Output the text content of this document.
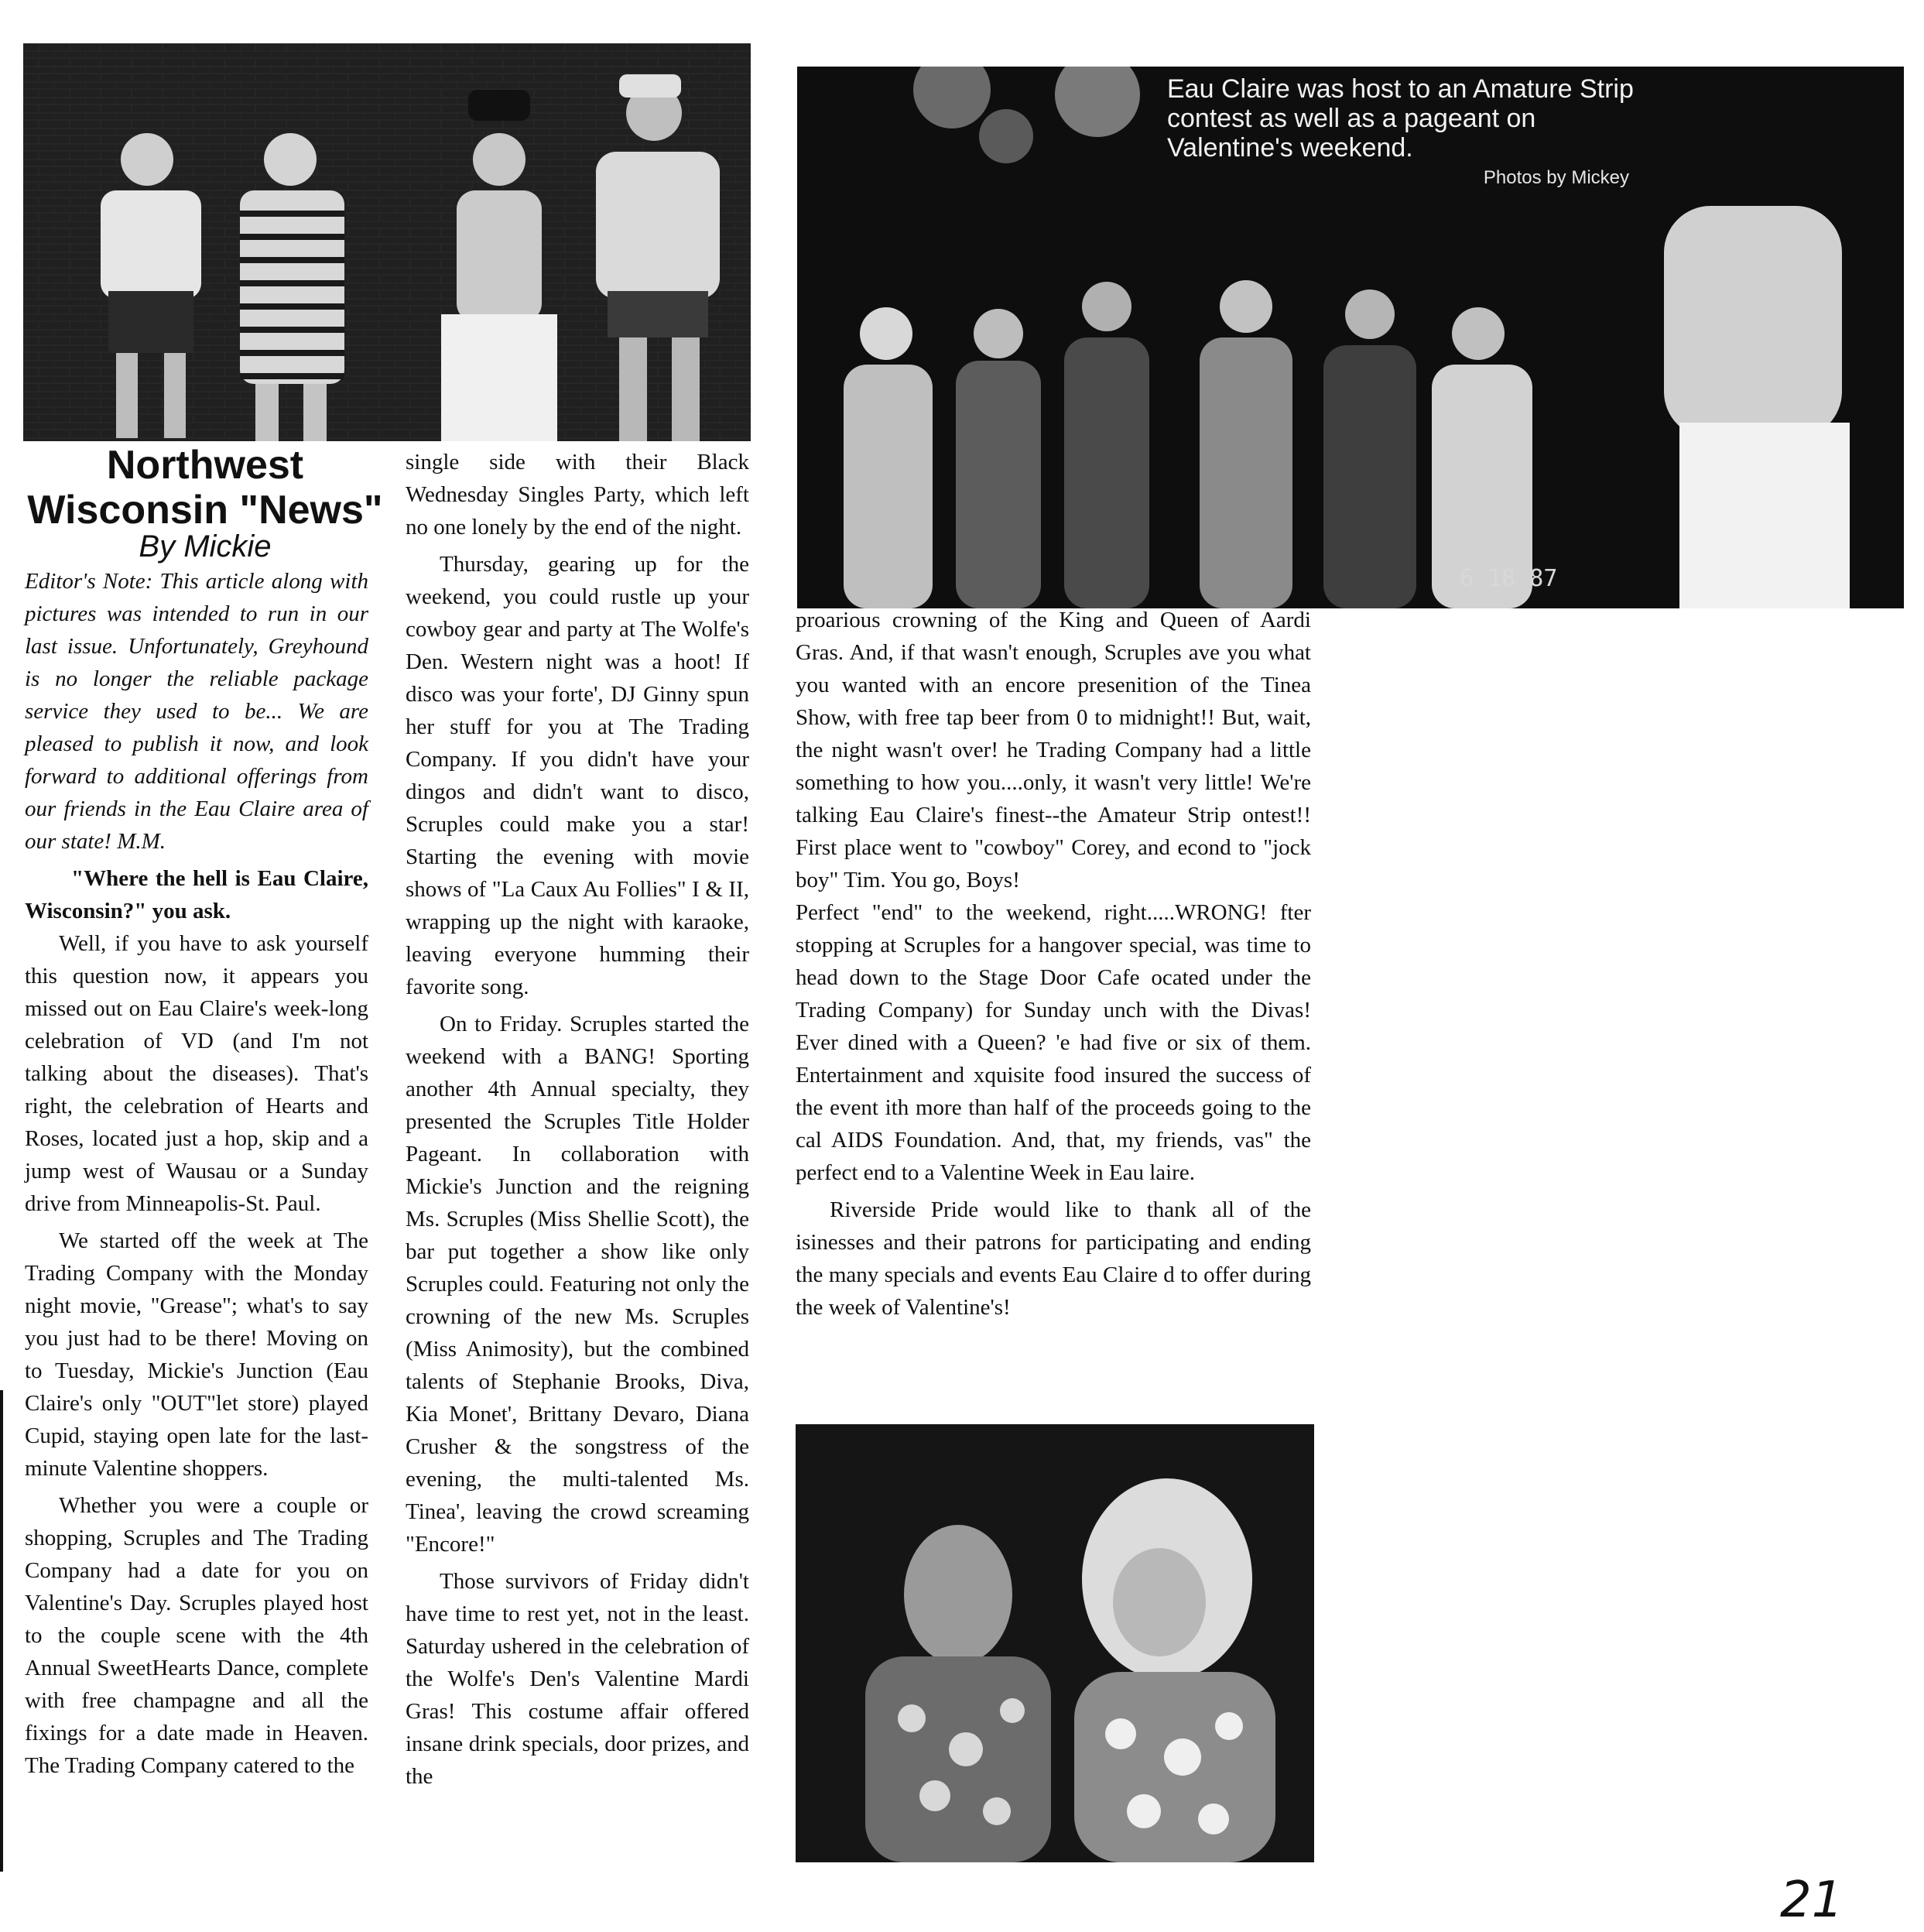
Northwest
Wisconsin "News"
By Mickie

Editor's Note: This article along with pictures was intended to run in our last issue. Unfortunately, Greyhound is no longer the reliable package service they used to be... We are pleased to publish it now, and look forward to additional offerings from our friends in the Eau Claire area of our state! M.M.

"Where the hell is Eau Claire, Wisconsin?" you ask.

Well, if you have to ask yourself this question now, it appears you missed out on Eau Claire's week-long celebration of VD (and I'm not talking about the diseases). That's right, the celebration of Hearts and Roses, located just a hop, skip and a jump west of Wausau or a Sunday drive from Minneapolis-St. Paul.

We started off the week at The Trading Company with the Monday night movie, "Grease"; what's to say you just had to be there! Moving on to Tuesday, Mickie's Junction (Eau Claire's only "OUT"let store) played Cupid, staying open late for the last-minute Valentine shoppers.

Whether you were a couple or shopping, Scruples and The Trading Company had a date for you on Valentine's Day. Scruples played host to the couple scene with the 4th Annual SweetHearts Dance, complete with free champagne and all the fixings for a date made in Heaven. The Trading Company catered to the

single side with their Black Wednesday Singles Party, which left no one lonely by the end of the night.

Thursday, gearing up for the weekend, you could rustle up your cowboy gear and party at The Wolfe's Den. Western night was a hoot! If disco was your forte', DJ Ginny spun her stuff for you at The Trading Company. If you didn't have your dingos and didn't want to disco, Scruples could make you a star! Starting the evening with movie shows of "La Caux Au Follies" I & II, wrapping up the night with karaoke, leaving everyone humming their favorite song.

On to Friday. Scruples started the weekend with a BANG! Sporting another 4th Annual specialty, they presented the Scruples Title Holder Pageant. In collaboration with Mickie's Junction and the reigning Ms. Scruples (Miss Shellie Scott), the bar put together a show like only Scruples could. Featuring not only the crowning of the new Ms. Scruples (Miss Animosity), but the combined talents of Stephanie Brooks, Diva, Kia Monet', Brittany Devaro, Diana Crusher & the songstress of the evening, the multi-talented Ms. Tinea', leaving the crowd screaming "Encore!"

Those survivors of Friday didn't have time to rest yet, not in the least. Saturday ushered in the celebration of the Wolfe's Den's Valentine Mardi Gras! This costume affair offered insane drink specials, door prizes, and the

6 18 87
Eau Claire was host to an Amature Strip contest as well as a pageant on Valentine's weekend.
Photos by Mickey

proarious crowning of the King and Queen of Aardi Gras. And, if that wasn't enough, Scruples ave you what you wanted with an encore presenition of the Tinea Show, with free tap beer from 0 to midnight!! But, wait, the night wasn't over! he Trading Company had a little something to how you....only, it wasn't very little! We're talking Eau Claire's finest--the Amateur Strip ontest!! First place went to "cowboy" Corey, and econd to "jock boy" Tim. You go, Boys!

Perfect "end" to the weekend, right.....WRONG! fter stopping at Scruples for a hangover special, was time to head down to the Stage Door Cafe ocated under the Trading Company) for Sunday unch with the Divas! Ever dined with a Queen? 'e had five or six of them. Entertainment and xquisite food insured the success of the event ith more than half of the proceeds going to the cal AIDS Foundation. And, that, my friends, vas" the perfect end to a Valentine Week in Eau laire.

Riverside Pride would like to thank all of the isinesses and their patrons for participating and ending the many specials and events Eau Claire d to offer during the week of Valentine's!

21
